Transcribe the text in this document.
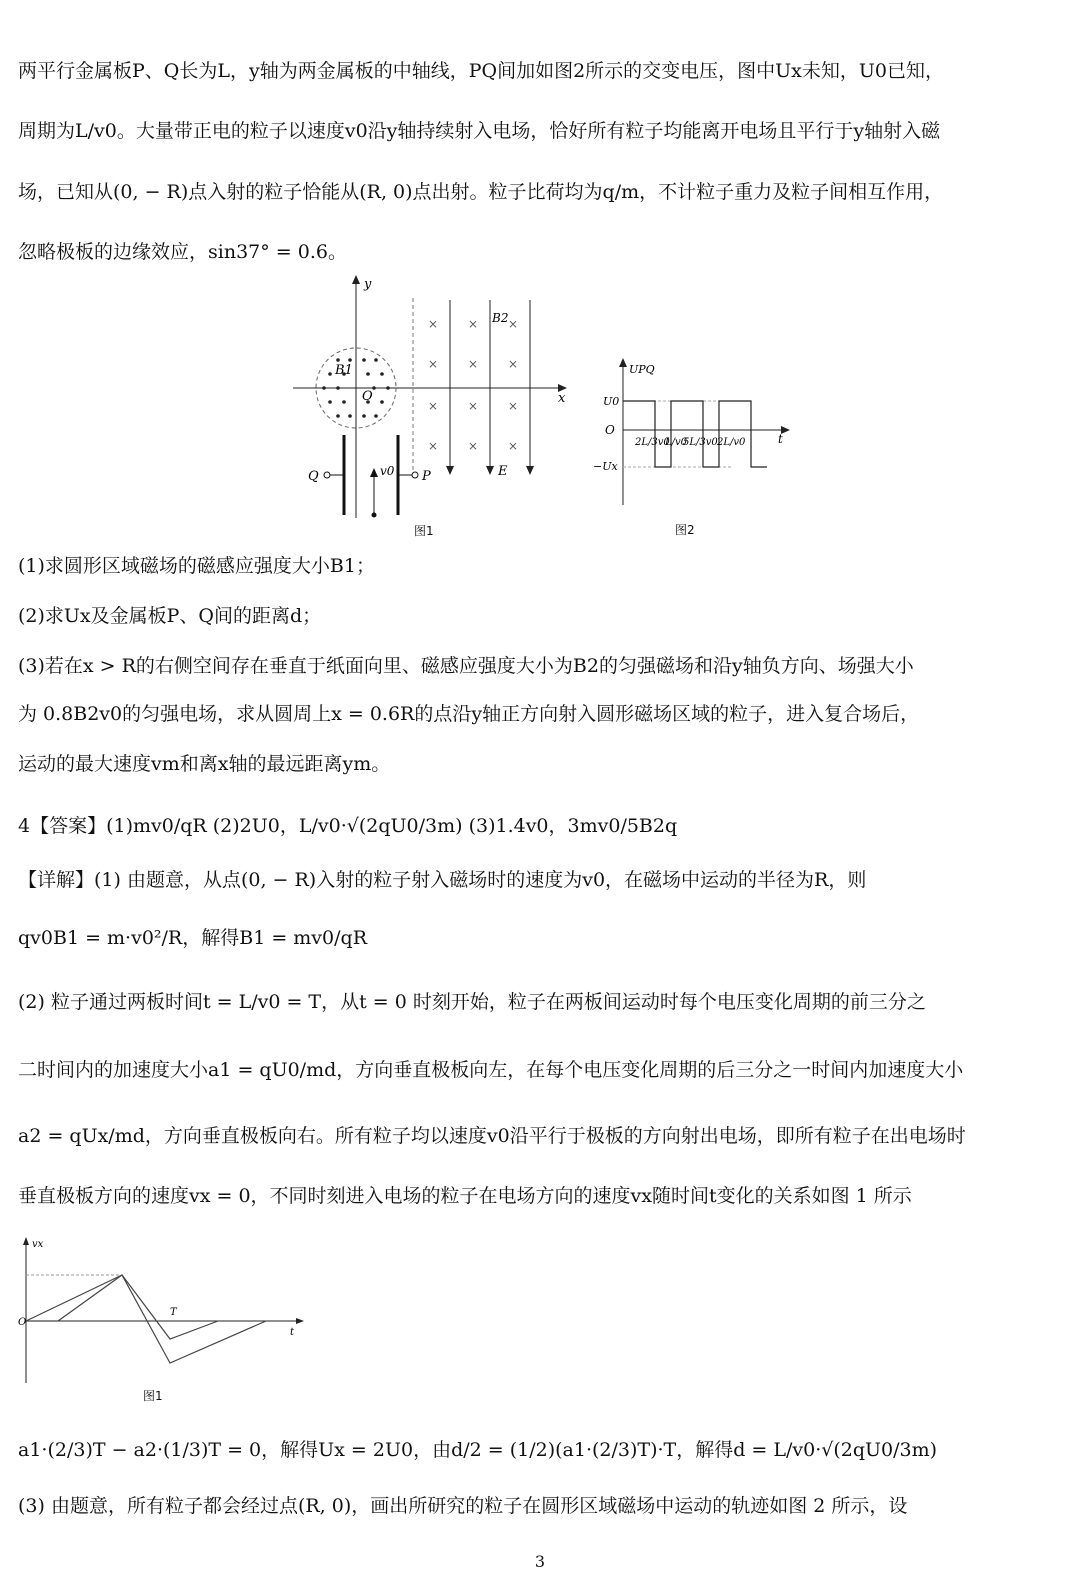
两平行金属板P、Q长为L，y轴为两金属板的中轴线，PQ间加如图2所示的交变电压，图中Ux未知，U0已知，
周期为L/v0。大量带正电的粒子以速度v0沿y轴持续射入电场，恰好所有粒子均能离开电场且平行于y轴射入磁
场，已知从(0, − R)点入射的粒子恰能从(R, 0)点出射。粒子比荷均为q/m，不计粒子重力及粒子间相互作用，
忽略极板的边缘效应，sin37° = 0.6。
x
y
B1
O
E
× × ×
× × ×
× × ×
× × ×
B2
Q	P
v0
图1
UPQ
t
O
U0
−Ux
2L/3v0
L/v0
5L/3v0 2L/v0
图2
(1)求圆形区域磁场的磁感应强度大小B1；
(2)求Ux及金属板P、Q间的距离d；
(3)若在x > R的右侧空间存在垂直于纸面向里、磁感应强度大小为B2的匀强磁场和沿y轴负方向、场强大小
为 0.8B2v0的匀强电场，求从圆周上x = 0.6R的点沿y轴正方向射入圆形磁场区域的粒子，进入复合场后，
运动的最大速度vm和离x轴的最远距离ym。
4【答案】(1)mv0/qR (2)2U0，L/v0·√(2qU0/3m) (3)1.4v0，3mv0/5B2q
【详解】(1) 由题意，从点(0, − R)入射的粒子射入磁场时的速度为v0，在磁场中运动的半径为R，则
qv0B1 = m·v0²/R，解得B1 = mv0/qR
(2) 粒子通过两板时间t = L/v0 = T，从t = 0 时刻开始，粒子在两板间运动时每个电压变化周期的前三分之
二时间内的加速度大小a1 = qU0/md，方向垂直极板向左，在每个电压变化周期的后三分之一时间内加速度大小
a2 = qUx/md，方向垂直极板向右。所有粒子均以速度v0沿平行于极板的方向射出电场，即所有粒子在出电场时
垂直极板方向的速度vx = 0，不同时刻进入电场的粒子在电场方向的速度vx随时间t变化的关系如图 1 所示
vx
t
O
T
图1
a1·(2/3)T − a2·(1/3)T = 0，解得Ux = 2U0，由d/2 = (1/2)(a1·(2/3)T)·T，解得d = L/v0·√(2qU0/3m)
(3) 由题意，所有粒子都会经过点(R, 0)，画出所研究的粒子在圆形区域磁场中运动的轨迹如图 2 所示，设
3
